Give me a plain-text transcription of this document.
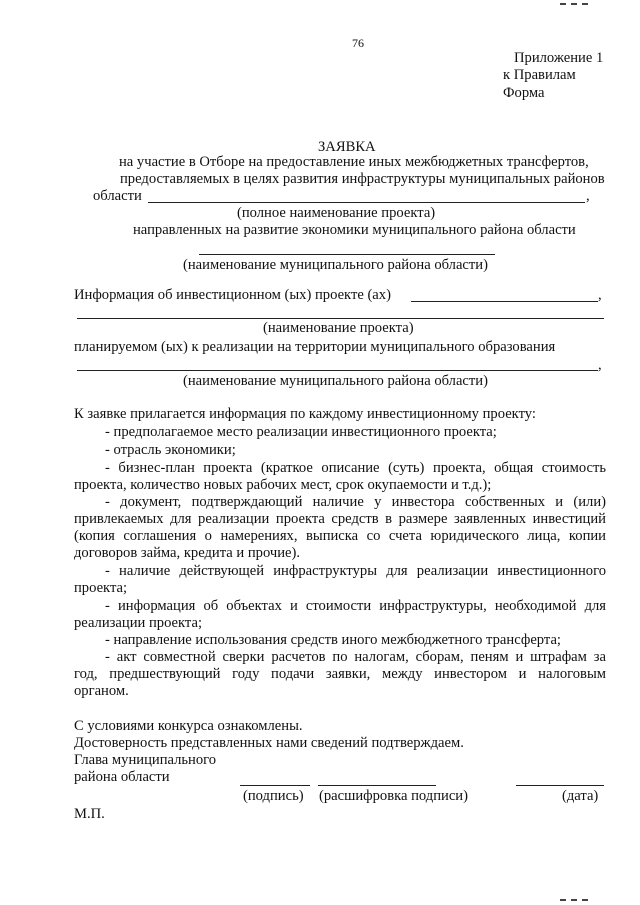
76
Приложение 1
к Правилам
Форма
ЗАЯВКА
на участие в Отборе на предоставление иных межбюджетных трансфертов,
предоставляемых в целях развития инфраструктуры муниципальных районов
области	,
(полное наименование проекта)
направленных на развитие экономики муниципального района области
(наименование муниципального района области)
Информация об инвестиционном (ых) проекте (ах)	,
(наименование проекта)
планируемом (ых) к реализации на территории муниципального образования
,
(наименование муниципального района области)
К заявке прилагается информация по каждому инвестиционному проекту:
- предполагаемое место реализации инвестиционного проекта;
- отрасль экономики;
- бизнес-план проекта (краткое описание (суть) проекта, общая стоимость
проекта, количество новых рабочих мест, срок окупаемости и т.д.);
- документ, подтверждающий наличие у инвестора собственных и (или)
привлекаемых для реализации проекта средств в размере заявленных инвестиций
(копия соглашения о намерениях, выписка со счета юридического лица, копии
договоров займа, кредита и прочие).
- наличие действующей инфраструктуры для реализации инвестиционного
проекта;
- информация об объектах и стоимости инфраструктуры, необходимой для
реализации проекта;
- направление использования средств иного межбюджетного трансферта;
- акт совместной сверки расчетов по налогам, сборам, пеням и штрафам за
год, предшествующий году подачи заявки, между инвестором и налоговым
органом.
С условиями конкурса ознакомлены.
Достоверность представленных нами сведений подтверждаем.
Глава муниципального
района области
(подпись) (расшифровка подписи)	(дата)
М.П.
